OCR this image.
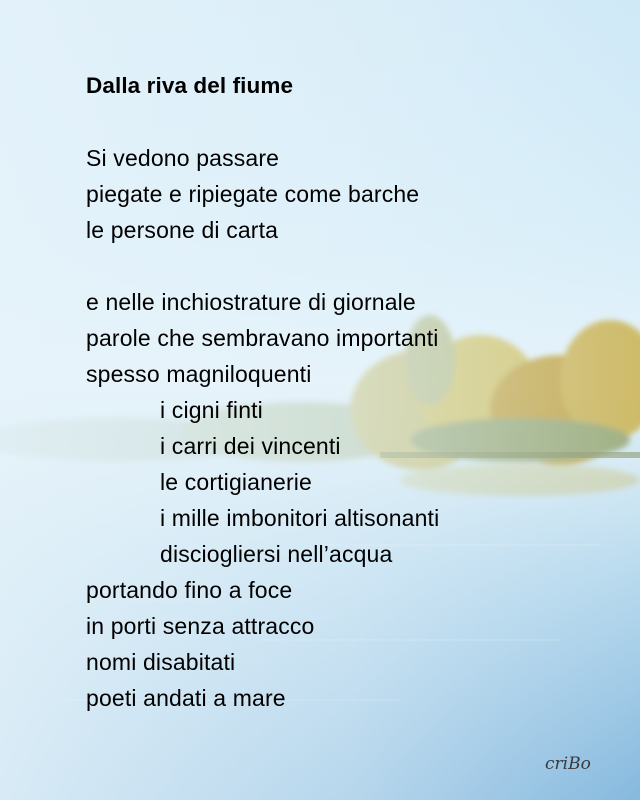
Dalla riva del fiume
Si vedono passare
piegate e ripiegate come barche
le persone di carta
e nelle inchiostrature di giornale
parole che sembravano importanti
spesso magniloquenti
i cigni finti
i carri dei vincenti
le cortigianerie
i mille imbonitori altisonanti
disciogliersi nell’acqua
portando fino a foce
in porti senza attracco
nomi disabitati
poeti andati a mare
criBo
